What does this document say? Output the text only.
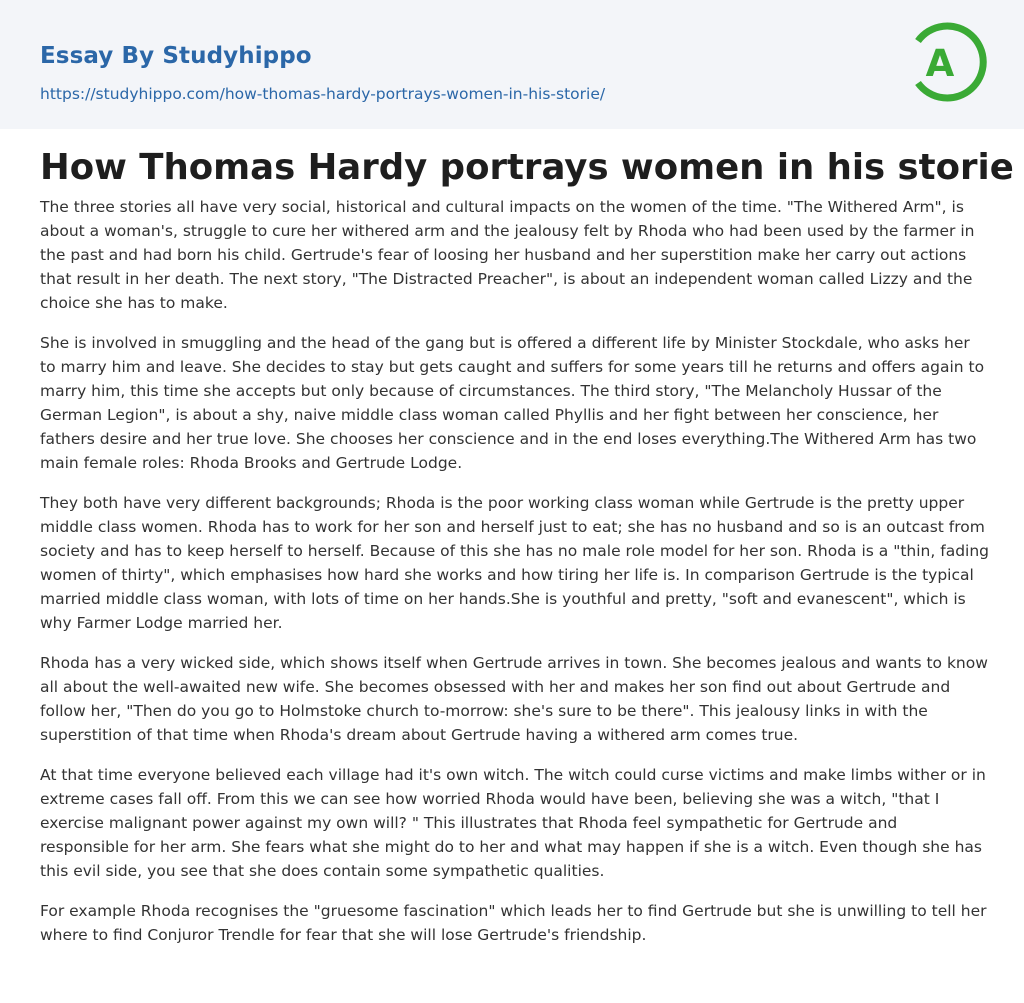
Essay By Studyhippo
https://studyhippo.com/how-thomas-hardy-portrays-women-in-his-storie/
A
How Thomas Hardy portrays women in his storie

The three stories all have very social, historical and cultural impacts on the women of the time. "The Withered Arm", is about a woman's, struggle to cure her withered arm and the jealousy felt by Rhoda who had been used by the farmer in the past and had born his child. Gertrude's fear of loosing her husband and her superstition make her carry out actions that result in her death. The next story, "The Distracted Preacher", is about an independent woman called Lizzy and the choice she has to make.

She is involved in smuggling and the head of the gang but is offered a different life by Minister Stockdale, who asks her to marry him and leave. She decides to stay but gets caught and suffers for some years till he returns and offers again to marry him, this time she accepts but only because of circumstances. The third story, "The Melancholy Hussar of the German Legion", is about a shy, naive middle class woman called Phyllis and her fight between her conscience, her fathers desire and her true love. She chooses her conscience and in the end loses everything.The Withered Arm has two main female roles: Rhoda Brooks and Gertrude Lodge.

They both have very different backgrounds; Rhoda is the poor working class woman while Gertrude is the pretty upper middle class women. Rhoda has to work for her son and herself just to eat; she has no husband and so is an outcast from society and has to keep herself to herself. Because of this she has no male role model for her son. Rhoda is a "thin, fading women of thirty", which emphasises how hard she works and how tiring her life is. In comparison Gertrude is the typical married middle class woman, with lots of time on her hands.She is youthful and pretty, "soft and evanescent", which is why Farmer Lodge married her.

Rhoda has a very wicked side, which shows itself when Gertrude arrives in town. She becomes jealous and wants to know all about the well-awaited new wife. She becomes obsessed with her and makes her son find out about Gertrude and follow her, "Then do you go to Holmstoke church to-morrow: she's sure to be there". This jealousy links in with the superstition of that time when Rhoda's dream about Gertrude having a withered arm comes true.

At that time everyone believed each village had it's own witch. The witch could curse victims and make limbs wither or in extreme cases fall off. From this we can see how worried Rhoda would have been, believing she was a witch, "that I exercise malignant power against my own will? " This illustrates that Rhoda feel sympathetic for Gertrude and responsible for her arm. She fears what she might do to her and what may happen if she is a witch. Even though she has this evil side, you see that she does contain some sympathetic qualities.

For example Rhoda recognises the "gruesome fascination" which leads her to find Gertrude but she is unwilling to tell her where to find Conjuror Trendle for fear that she will lose Gertrude's friendship.
